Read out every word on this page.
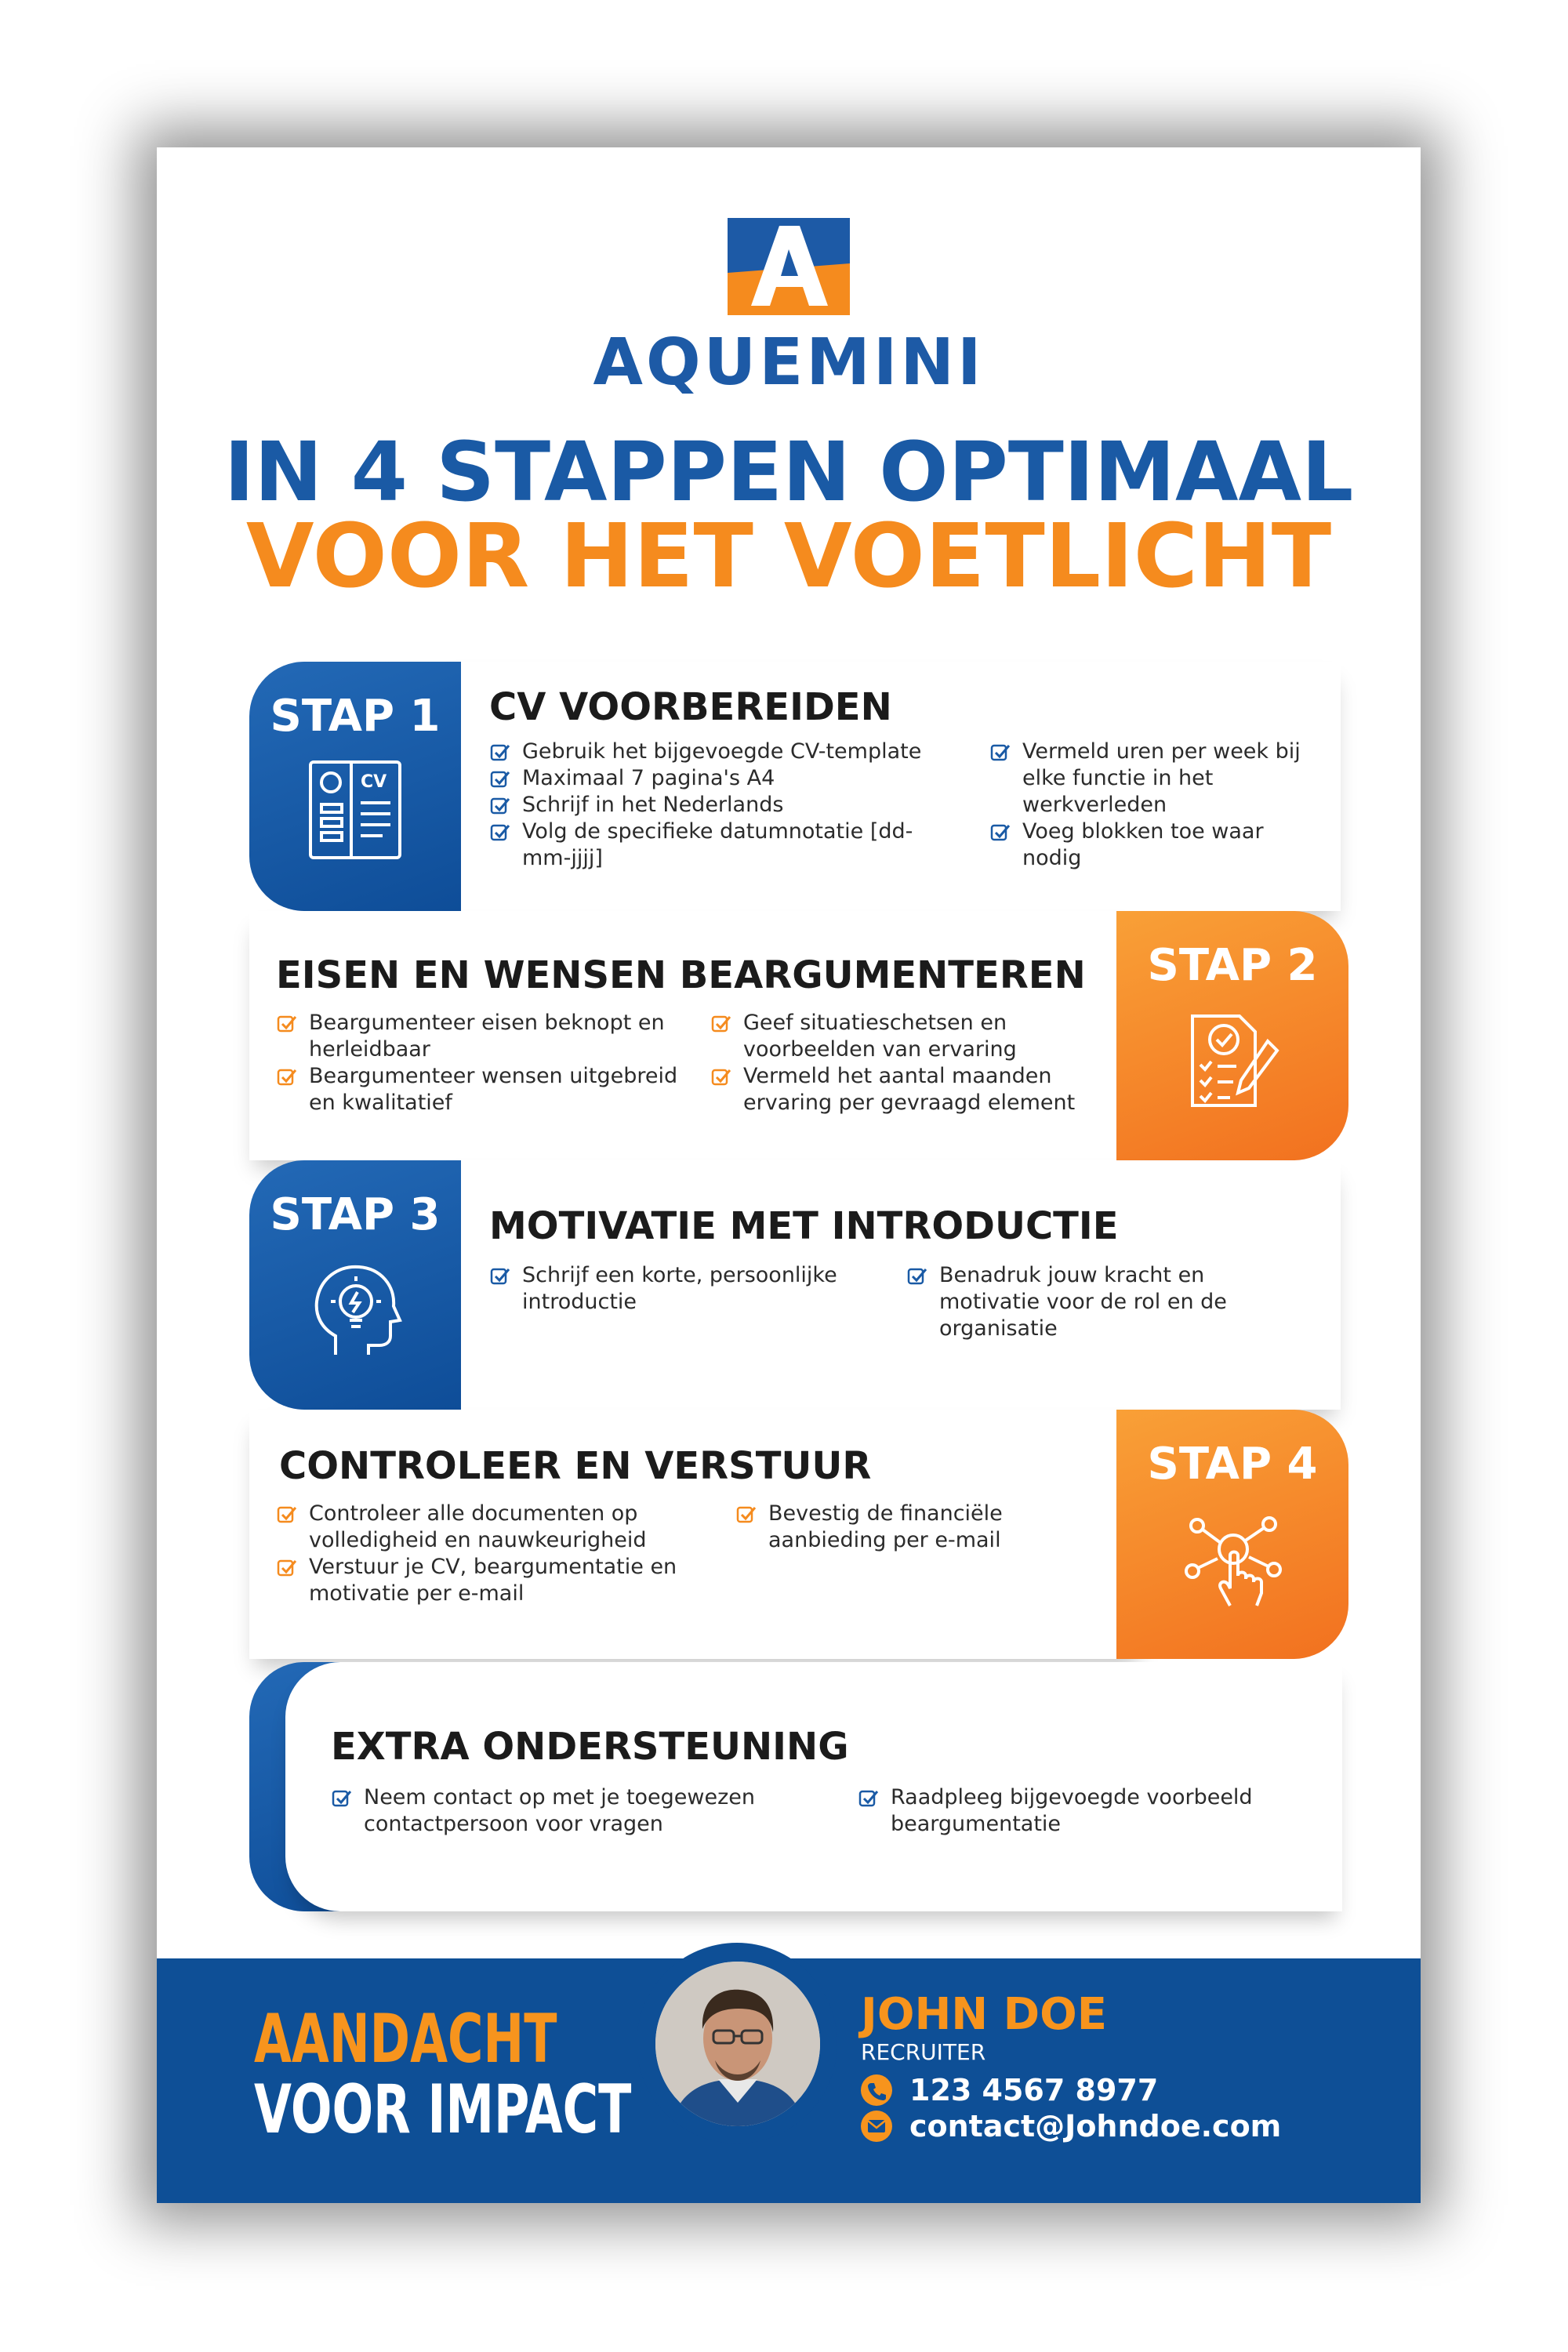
AQUEMINI
IN 4 STAPPEN OPTIMAAL
VOOR HET VOETLICHT
STAP 1
CV
CV VOORBEREIDEN
Gebruik het bijgevoegde CV-template
Maximaal 7 pagina's A4
Schrijf in het Nederlands
Volg de specifieke datumnotatie [dd-mm-jjjj]
Vermeld uren per week bij elke functie in het werkverleden
Voeg blokken toe waar nodig
STAP 2
EISEN EN WENSEN BEARGUMENTEREN
Beargumenteer eisen beknopt en herleidbaar
Beargumenteer wensen uitgebreid en kwalitatief
Geef situatieschetsen en voorbeelden van ervaring
Vermeld het aantal maanden ervaring per gevraagd element
STAP 3 MOTIVATIE MET INTRODUCTIE
Schrijf een korte, persoonlijke introductie
Benadruk jouw kracht en motivatie voor de rol en de organisatie
STAP 4
CONTROLEER EN VERSTUUR
Controleer alle documenten op volledigheid en nauwkeurigheid
Verstuur je CV, beargumentatie en motivatie per e-mail
Bevestig de financiële aanbieding per e-mail
EXTRA ONDERSTEUNING
Neem contact op met je toegewezen contactpersoon voor vragen
Raadpleeg bijgevoegde voorbeeld beargumentatie
AANDACHT
VOOR IMPACT
JOHN DOE
RECRUITER
123 4567 8977
contact@Johndoe.com
